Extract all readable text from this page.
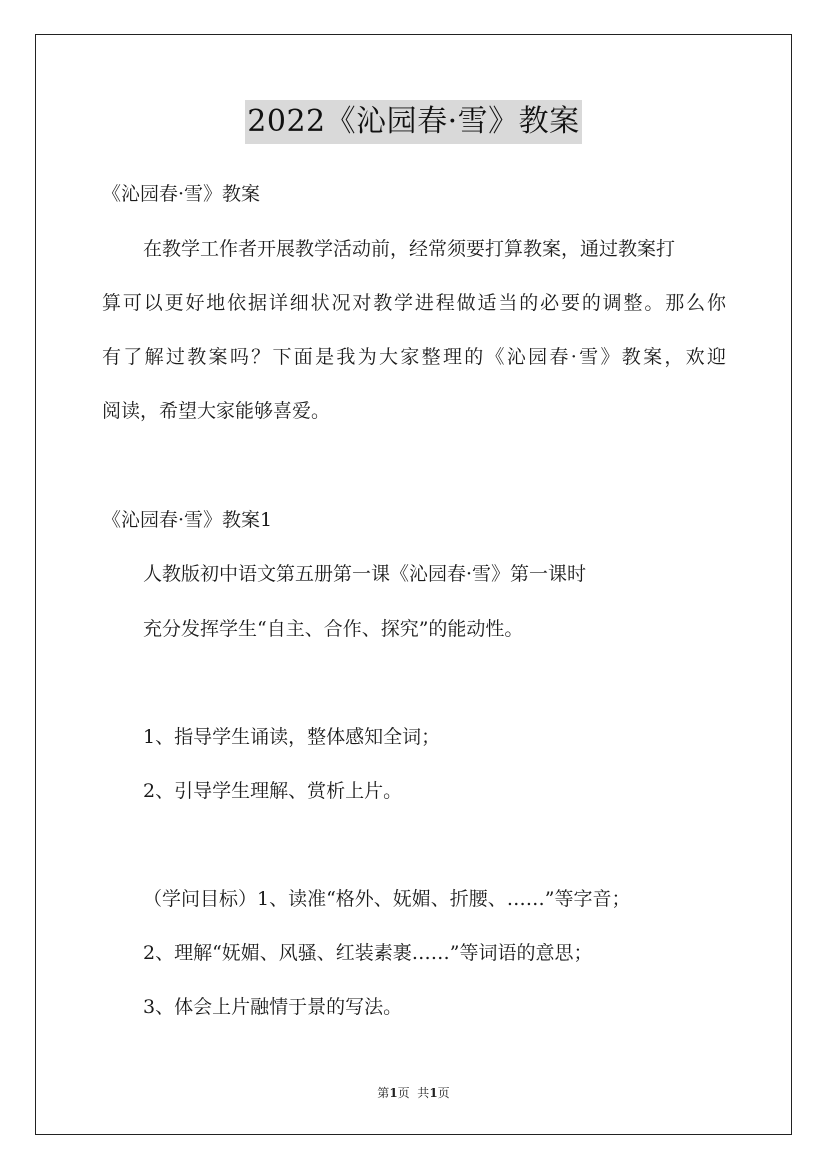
2022《沁园春·雪》教案
《沁园春·雪》教案
在教学工作者开展教学活动前，经常须要打算教案，通过教案打
算可以更好地依据详细状况对教学进程做适当的必要的调整。那么你
有了解过教案吗？下面是我为大家整理的《沁园春·雪》教案，欢迎
阅读，希望大家能够喜爱。
《沁园春·雪》教案1
人教版初中语文第五册第一课《沁园春·雪》第一课时
充分发挥学生“自主、合作、探究”的能动性。
1、指导学生诵读，整体感知全词；
2、引导学生理解、赏析上片。
（学问目标）1、读准“格外、妩媚、折腰、……”等字音；
2、理解“妩媚、风骚、红装素裹……”等词语的意思；
3、体会上片融情于景的写法。
第1页  共1页
